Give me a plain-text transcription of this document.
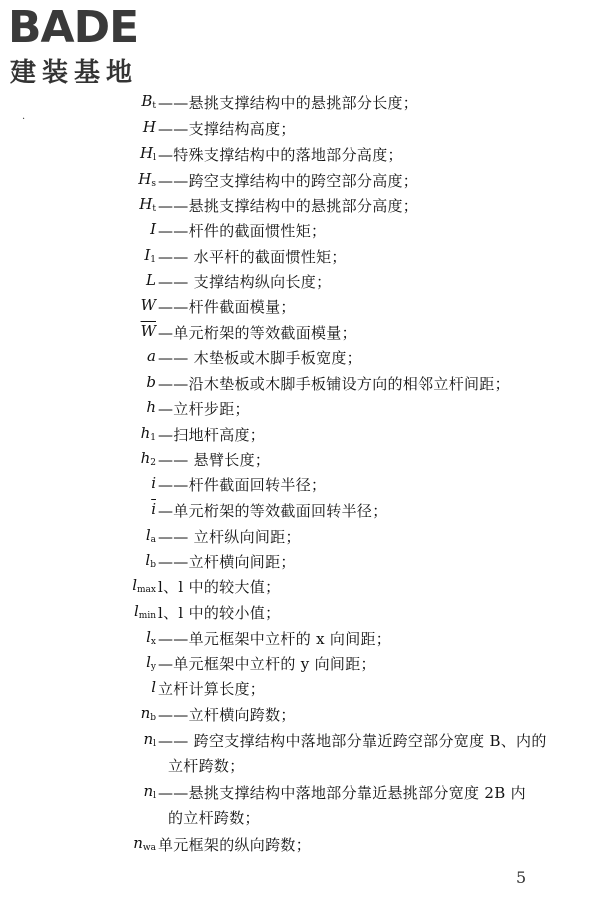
BADE
建装基地
·
$B_t$ ——悬挑支撑结构中的悬挑部分长度；
H ——支撑结构高度；
$H_l$ —特殊支撑结构中的落地部分高度；
$H_s$ ——跨空支撑结构中的跨空部分高度；
$H_t$ ——悬挑支撑结构中的悬挑部分高度；
I ——杆件的截面惯性矩；
$I_1$ —— 水平杆的截面惯性矩；
L —— 支撑结构纵向长度；
W ——杆件截面模量；
$\overline{W}$ —单元桁架的等效截面模量；
a —— 木垫板或木脚手板宽度；
b ——沿木垫板或木脚手板铺设方向的相邻立杆间距；
h —立杆步距；
$h_1$ —扫地杆高度；
$h_2$ —— 悬臂长度；
i ——杆件截面回转半径；
$\overline{i}$ —单元桁架的等效截面回转半径；
$l_a$ —— 立杆纵向间距；
$l_b$ ——立杆横向间距；
$l_{max}$ l、l 中的较大值；
$l_{min}$ l、l 中的较小值；
$l_x$ ——单元框架中立杆的 x 向间距；
$l_y$ —单元框架中立杆的 y 向间距；
l 立杆计算长度；
$n_b$ ——立杆横向跨数；
$n_l$ —— 跨空支撑结构中落地部分靠近跨空部分宽度 B、内的
立杆跨数；
$n_l$ ——悬挑支撑结构中落地部分靠近悬挑部分宽度 2B 内
的立杆跨数；
$n_{wa}$ 单元框架的纵向跨数；
5
